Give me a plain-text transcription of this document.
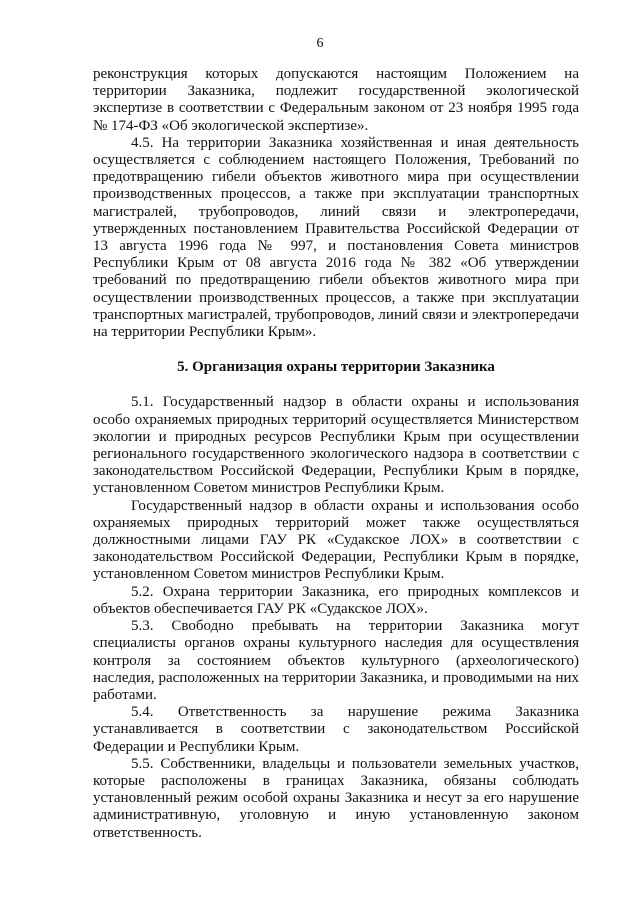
6

реконструкция которых допускаются настоящим Положением на территории Заказника, подлежит государственной экологической экспертизе в соответствии с Федеральным законом от 23 ноября 1995 года № 174-ФЗ «Об экологической экспертизе».

4.5. На территории Заказника хозяйственная и иная деятельность осуществляется с соблюдением настоящего Положения, Требований по предотвращению гибели объектов животного мира при осуществлении производственных процессов, а также при эксплуатации транспортных магистралей, трубопроводов, линий связи и электропередачи, утвержденных постановлением Правительства Российской Федерации от 13 августа 1996 года № 997, и постановления Совета министров Республики Крым от 08 августа 2016 года № 382 «Об утверждении требований по предотвращению гибели объектов животного мира при осуществлении производственных процессов, а также при эксплуатации транспортных магистралей, трубопроводов, линий связи и электропередачи на территории Республики Крым».

5. Организация охраны территории Заказника

5.1. Государственный надзор в области охраны и использования особо охраняемых природных территорий осуществляется Министерством экологии и природных ресурсов Республики Крым при осуществлении регионального государственного экологического надзора в соответствии с законодательством Российской Федерации, Республики Крым в порядке, установленном Советом министров Республики Крым.

Государственный надзор в области охраны и использования особо охраняемых природных территорий может также осуществляться должностными лицами ГАУ РК «Судакское ЛОХ» в соответствии с законодательством Российской Федерации, Республики Крым в порядке, установленном Советом министров Республики Крым.

5.2. Охрана территории Заказника, его природных комплексов и объектов обеспечивается ГАУ РК «Судакское ЛОХ».

5.3. Свободно пребывать на территории Заказника могут специалисты органов охраны культурного наследия для осуществления контроля за состоянием объектов культурного (археологического) наследия, расположенных на территории Заказника, и проводимыми на них работами.

5.4. Ответственность за нарушение режима Заказника устанавливается в соответствии с законодательством Российской Федерации и Республики Крым.

5.5. Собственники, владельцы и пользователи земельных участков, которые расположены в границах Заказника, обязаны соблюдать установленный режим особой охраны Заказника и несут за его нарушение административную, уголовную и иную установленную законом ответственность.
